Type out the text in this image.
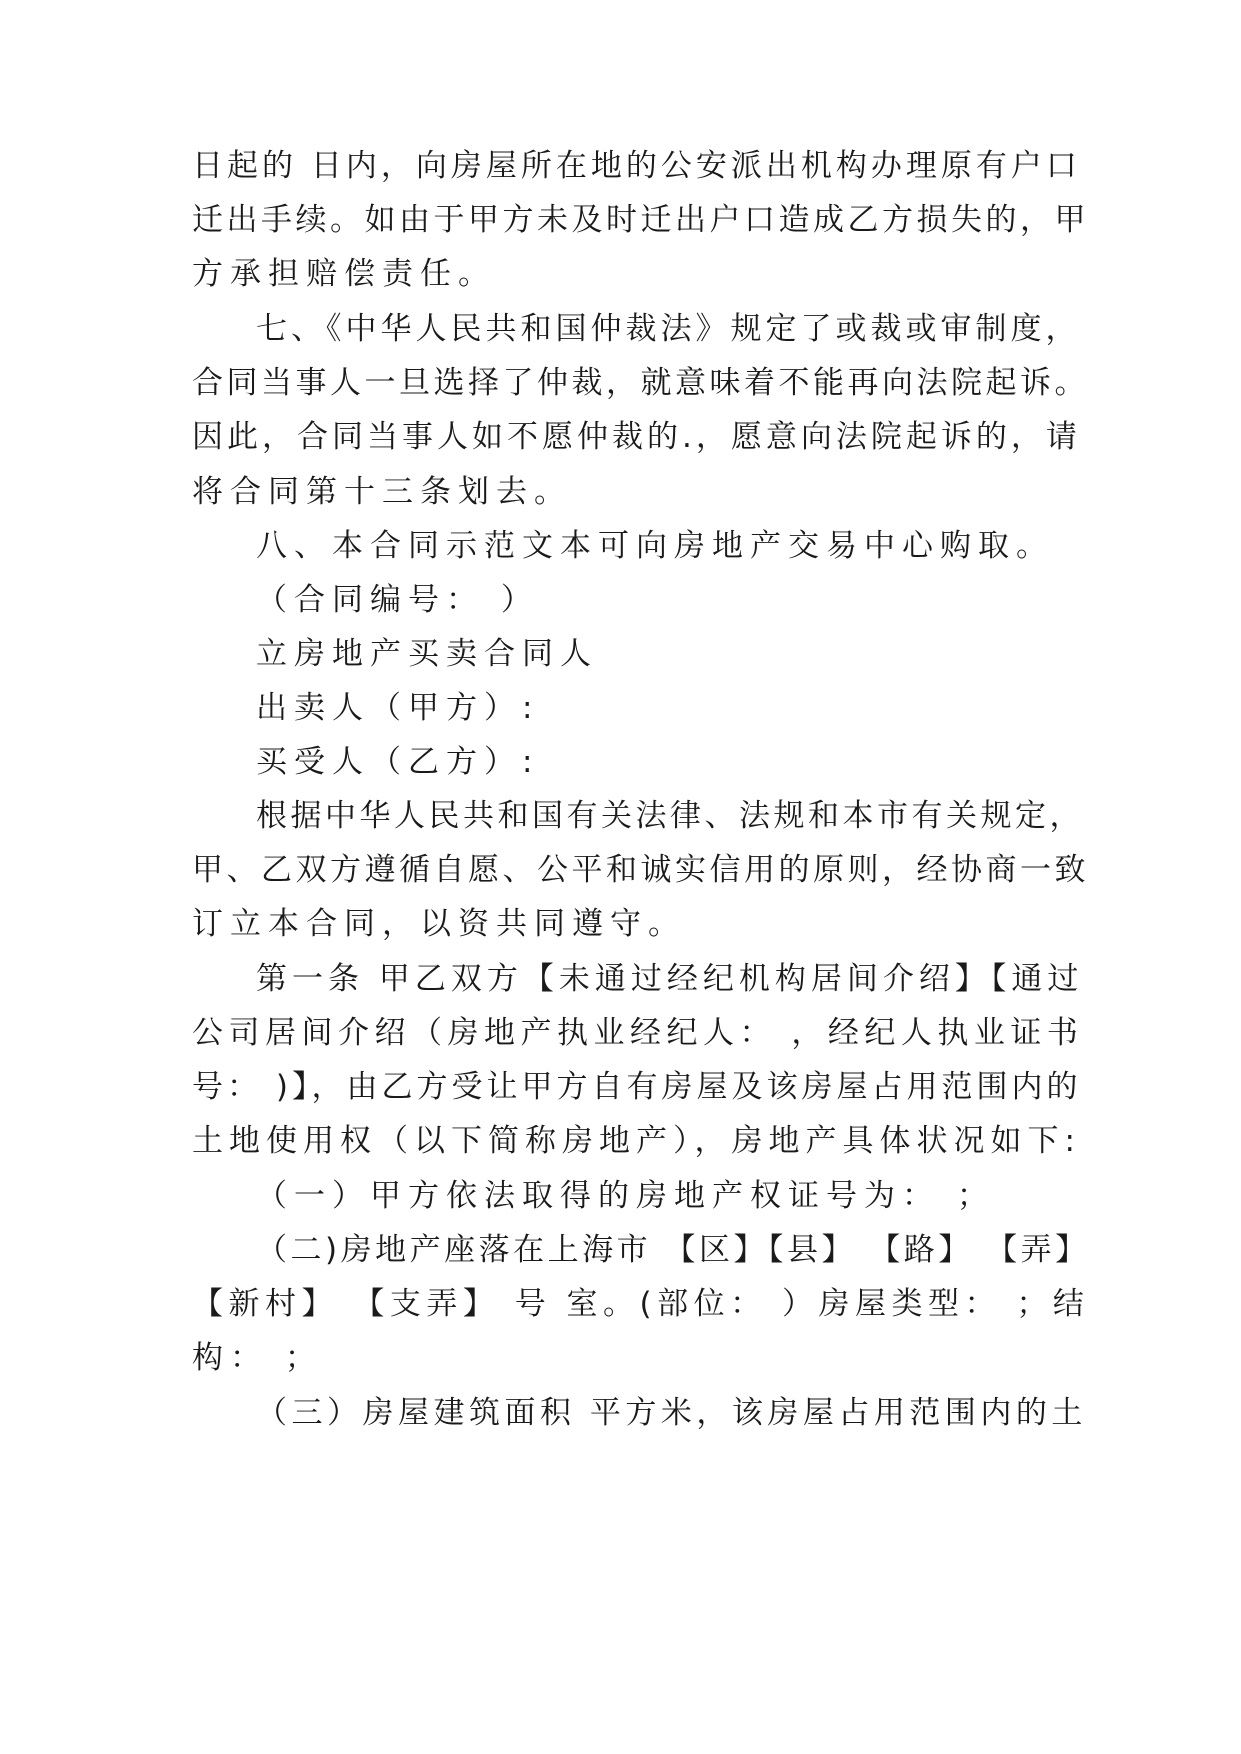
日起的 日内，向房屋所在地的公安派出机构办理原有户口

迁出手续。如由于甲方未及时迁出户口造成乙方损失的，甲

方承担赔偿责任。

七、《中华人民共和国仲裁法》规定了或裁或审制度，

合同当事人一旦选择了仲裁，就意味着不能再向法院起诉。

因此，合同当事人如不愿仲裁的.，愿意向法院起诉的，请

将合同第十三条划去。

八、本合同示范文本可向房地产交易中心购取。

（合同编号： ）

立房地产买卖合同人

出卖人（甲方）:

买受人（乙方）:

根据中华人民共和国有关法律、法规和本市有关规定，

甲、乙双方遵循自愿、公平和诚实信用的原则，经协商一致

订立本合同，以资共同遵守。

第一条 甲乙双方【未通过经纪机构居间介绍】【通过

公司居间介绍（房地产执业经纪人： ，经纪人执业证书

号： )】，由乙方受让甲方自有房屋及该房屋占用范围内的

土地使用权（以下简称房地产），房地产具体状况如下:

（一）甲方依法取得的房地产权证号为： ；

（二)房地产座落在上海市 【区】【县】 【路】 【弄】

【新村】 【支弄】 号 室。(部位： ）房屋类型： ；结

构： ；

（三）房屋建筑面积 平方米，该房屋占用范围内的土
